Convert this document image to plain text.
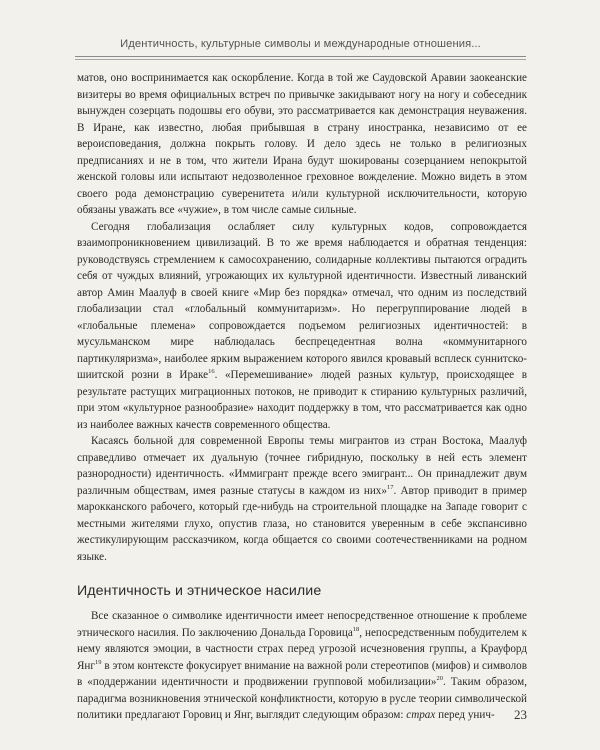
Идентичность, культурные символы и международные отношения...

матов, оно воспринимается как оскорбление. Когда в той же Саудовской Аравии заокеанские визитеры во время официальных встреч по привычке закидывают ногу на ногу и собеседник вынужден созерцать подошвы его обуви, это рассматривается как демонстрация неуважения. В Иране, как известно, любая прибывшая в страну иностранка, независимо от ее вероисповедания, должна покрыть голову. И дело здесь не только в религиозных предписаниях и не в том, что жители Ирана будут шокированы созерцанием непокрытой женской головы или испытают недозволенное греховное вожделение. Можно видеть в этом своего рода демонстрацию суверенитета и/или культурной исключительности, которую обязаны уважать все «чужие», в том числе самые сильные.

Сегодня глобализация ослабляет силу культурных кодов, сопровождается взаимопроникновением цивилизаций. В то же время наблюдается и обратная тенденция: руководствуясь стремлением к самосохранению, солидарные коллективы пытаются оградить себя от чуждых влияний, угрожающих их культурной идентичности. Известный ливанский автор Амин Маалуф в своей книге «Мир без порядка» отмечал, что одним из последствий глобализации стал «глобальный коммунитаризм». Но перегруппирование людей в «глобальные племена» сопровождается подъемом религиозных идентичностей: в мусульманском мире наблюдалась беспрецедентная волна «коммунитарного партикуляризма», наиболее ярким выражением которого явился кровавый всплеск суннитско-шиитской розни в Ираке$^{16}$. «Перемешивание» людей разных культур, происходящее в результате растущих миграционных потоков, не приводит к стиранию культурных различий, при этом «культурное разнообразие» находит поддержку в том, что рассматривается как одно из наиболее важных качеств современного общества.

Касаясь больной для современной Европы темы мигрантов из стран Востока, Маалуф справедливо отмечает их дуальную (точнее гибридную, поскольку в ней есть элемент разнородности) идентичность. «Иммигрант прежде всего эмигрант... Он принадлежит двум различным обществам, имея разные статусы в каждом из них»$^{17}$. Автор приводит в пример марокканского рабочего, который где-нибудь на строительной площадке на Западе говорит с местными жителями глухо, опустив глаза, но становится уверенным в себе экспансивно жестикулирующим рассказчиком, когда общается со своими соотечественниками на родном языке.

Идентичность и этническое насилие

Все сказанное о символике идентичности имеет непосредственное отношение к проблеме этнического насилия. По заключению Дональда Горовица$^{18}$, непосредственным побудителем к нему являются эмоции, в частности страх перед угрозой исчезновения группы, а Крауфорд Янг$^{19}$ в этом контексте фокусирует внимание на важной роли стереотипов (мифов) и символов в «поддержании идентичности и продвижении групповой мобилизации»$^{20}$. Таким образом, парадигма возникновения этнической конфликтности, которую в русле теории символической политики предлагают Горовиц и Янг, выглядит следующим образом: страх перед унич-	23
